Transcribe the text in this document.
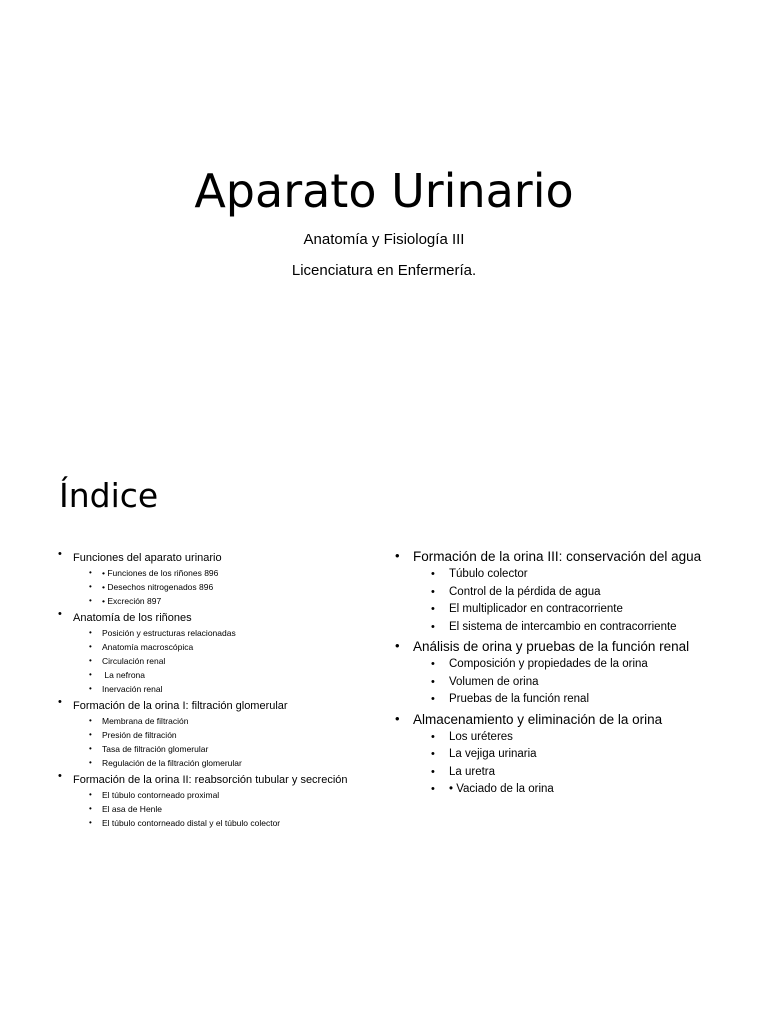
Aparato Urinario

Anatomía y Fisiología III

Licenciatura en Enfermería.

Índice
• Funciones del aparato urinario
• • Funciones de los riñones 896
• • Desechos nitrogenados 896
• • Excreción 897
• Anatomía de los riñones
• Posición y estructuras relacionadas
• Anatomía macroscópica
• Circulación renal
• La nefrona
• Inervación renal
• Formación de la orina I: filtración glomerular
• Membrana de filtración
• Presión de filtración
• Tasa de filtración glomerular
• Regulación de la filtración glomerular
• Formación de la orina II: reabsorción tubular y secreción
• El túbulo contorneado proximal
• El asa de Henle
• El túbulo contorneado distal y el túbulo colector
• Formación de la orina III: conservación del agua
• Túbulo colector
• Control de la pérdida de agua
• El multiplicador en contracorriente
• El sistema de intercambio en contracorriente
• Análisis de orina y pruebas de la función renal
• Composición y propiedades de la orina
• Volumen de orina
• Pruebas de la función renal
• Almacenamiento y eliminación de la orina
• Los uréteres
• La vejiga urinaria
• La uretra
• • Vaciado de la orina
